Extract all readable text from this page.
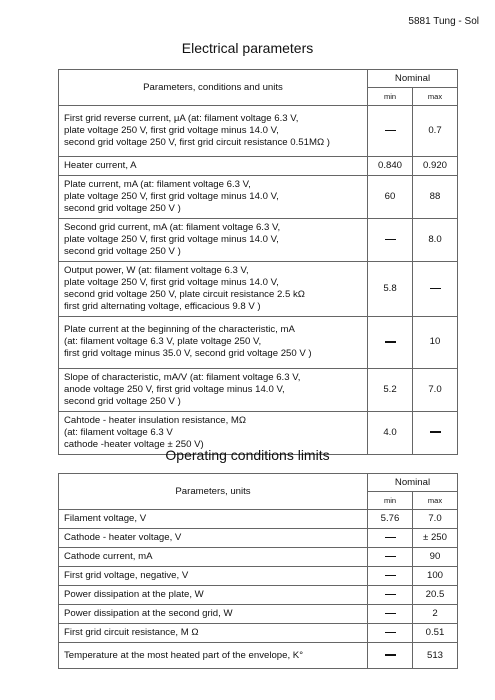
5881 Tung - Sol
Electrical parameters
Parameters, conditions and units	Nominal	
	min	max

First grid reverse current, μA (at: filament voltage 6.3 V,
plate voltage 250 V, first grid voltage minus 14.0 V,
second grid voltage 250 V, first grid circuit resistance 0.51MΩ )		0.7

Heater current, A	0.840	0.920

Plate current, mA (at: filament voltage 6.3 V,
plate voltage 250 V, first grid voltage minus 14.0 V,
second grid voltage 250 V )	60	88

Second grid current, mA (at: filament voltage 6.3 V,
plate voltage 250 V, first grid voltage minus 14.0 V,
second grid voltage 250 V )		8.0

Output power, W (at: filament voltage 6.3 V,
plate voltage 250 V, first grid voltage minus 14.0 V,
second grid voltage 250 V, plate circuit resistance 2.5 kΩ
first grid alternating voltage, efficacious 9.8 V )	5.8	

Plate current at the beginning of the characteristic, mA
(at: filament voltage 6.3 V, plate voltage 250 V,
first grid voltage minus 35.0 V, second grid voltage 250 V )		10

Slope of characteristic, mA/V (at: filament voltage 6.3 V,
anode voltage 250 V, first grid voltage minus 14.0 V,
second grid voltage 250 V )	5.2	7.0

Cahtode - heater insulation resistance, MΩ
(at: filament voltage 6.3 V
cathode -heater voltage ± 250 V)	4.0	
Operating conditions limits
Parameters, units	Nominal	
	min	max
Filament voltage, V	5.76	7.0
Cathode - heater voltage, V		± 250
Cathode current, mA		90
First grid voltage, negative, V		100
Power dissipation at the plate, W		20.5
Power dissipation at the second grid, W		2
First grid circuit resistance, M Ω		0.51
Temperature at the most heated part of the envelope, K°		513
